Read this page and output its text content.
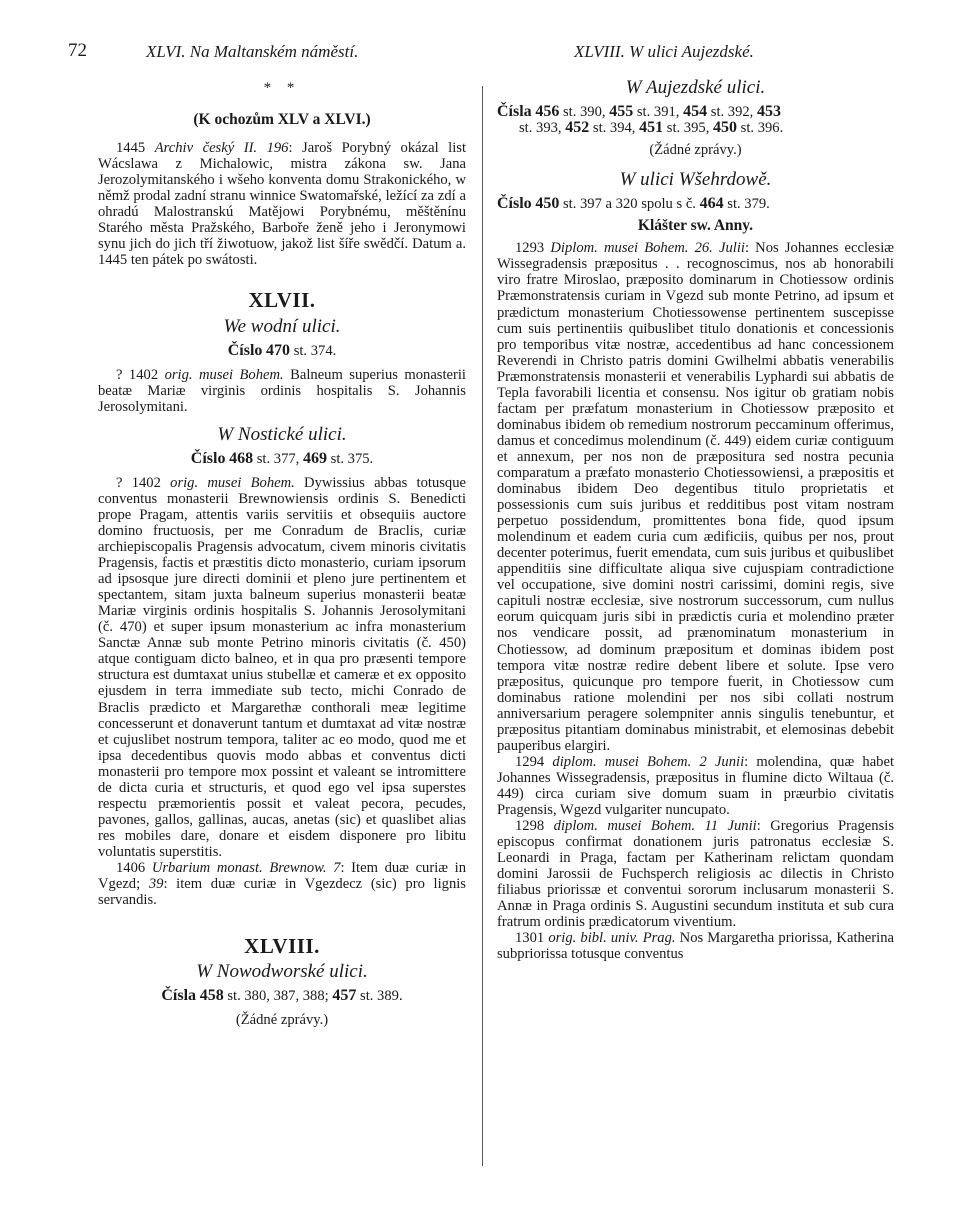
72	XLVI. Na Maltanském náměstí.	XLVIII. W ulici Aujezdské.
* *
(K ochozům XLV a XLVI.)

1445 Archiv český II. 196: Jaroš Porybný okázal list Wácslawa z Michalowic, mistra zákona sw. Jana Jerozolymitanského i wšeho konventa domu Strakonického, w němž prodal zadní stranu winnice Swatomařské, ležící za zdí a ohradú Malostranskú Matějowi Porybnému, měštěnínu Starého města Pražského, Barboře ženě jeho i Jeronymowi synu jich do jich tří žiwotuow, jakož list šíře swědčí. Datum a. 1445 ten pátek po swátosti.

XLVII.
We wodní ulici.
Číslo 470 st. 374.

? 1402 orig. musei Bohem. Balneum superius monasterii beatæ Mariæ virginis ordinis hospitalis S. Johannis Jerosolymitani.

W Nostické ulici.
Číslo 468 st. 377, 469 st. 375.

? 1402 orig. musei Bohem. Dywissius abbas totusque conventus monasterii Brewnowiensis ordinis S. Benedicti prope Pragam, attentis variis servitiis et obsequiis auctore domino fructuosis, per me Conradum de Braclis, curiæ archiepiscopalis Pragensis advocatum, civem minoris civitatis Pragensis, factis et præstitis dicto monasterio, curiam ipsorum ad ipsosque jure directi dominii et pleno jure pertinentem et spectantem, sitam juxta balneum superius monasterii beatæ Mariæ virginis ordinis hospitalis S. Johannis Jerosolymitani (č. 470) et super ipsum monasterium ac infra monasterium Sanctæ Annæ sub monte Petrino minoris civitatis (č. 450) atque contiguam dicto balneo, et in qua pro præsenti tempore structura est dumtaxat unius stubellæ et cameræ et ex opposito ejusdem in terra immediate sub tecto, michi Conrado de Braclis prædicto et Margarethæ conthorali meæ legitime concesserunt et donaverunt tantum et dumtaxat ad vitæ nostræ et cujuslibet nostrum tempora, taliter ac eo modo, quod me et ipsa decedentibus quovis modo abbas et conventus dicti monasterii pro tempore mox possint et valeant se intromittere de dicta curia et structuris, et quod ego vel ipsa superstes respectu præmorientis possit et valeat pecora, pecudes, pavones, gallos, gallinas, aucas, anetas (sic) et quaslibet alias res mobiles dare, donare et eisdem disponere pro libitu voluntatis superstitis.

1406 Urbarium monast. Brewnow. 7: Item duæ curiæ in Vgezd; 39: item duæ curiæ in Vgezdecz (sic) pro lignis servandis.

XLVIII.
W Nowodworské ulici.
Čísla 458 st. 380, 387, 388; 457 st. 389.
(Žádné zprávy.)
W Aujezdské ulici.
Čísla 456 st. 390, 455 st. 391, 454 st. 392, 453
st. 393, 452 st. 394, 451 st. 395, 450 st. 396.
(Žádné zprávy.)
W ulici Wšehrdowě.
Číslo 450 st. 397 a 320 spolu s č. 464 st. 379.
Klášter sw. Anny.

1293 Diplom. musei Bohem. 26. Julii: Nos Johannes ecclesiæ Wissegradensis præpositus . . recognoscimus, nos ab honorabili viro fratre Miroslao, præposito dominarum in Chotiessow ordinis Præmonstratensis curiam in Vgezd sub monte Petrino, ad ipsum et prædictum monasterium Chotiessowense pertinentem suscepisse cum suis pertinentiis quibuslibet titulo donationis et concessionis pro temporibus vitæ nostræ, accedentibus ad hanc concessionem Reverendi in Christo patris domini Gwilhelmi abbatis venerabilis Præmonstratensis monasterii et venerabilis Lyphardi sui abbatis de Tepla favorabili licentia et consensu. Nos igitur ob gratiam nobis factam per præfatum monasterium in Chotiessow præposito et dominabus ibidem ob remedium nostrorum peccaminum offerimus, damus et concedimus molendinum (č. 449) eidem curiæ contiguum et annexum, per nos non de præpositura sed nostra pecunia comparatum a præfato monasterio Chotiessowiensi, a præpositis et dominabus ibidem Deo degentibus titulo proprietatis et possessionis cum suis juribus et redditibus post vitam nostram perpetuo possidendum, promittentes bona fide, quod ipsum molendinum et eadem curia cum ædificiis, quibus per nos, prout decenter poterimus, fuerit emendata, cum suis juribus et quibuslibet appenditiis sine difficultate aliqua sive cujuspiam contradictione vel occupatione, sive domini nostri carissimi, domini regis, sive capituli nostræ ecclesiæ, sive nostrorum successorum, cum nullus eorum quicquam juris sibi in prædictis curia et molendino præter nos vendicare possit, ad prænominatum monasterium in Chotiessow, ad dominum præpositum et dominas ibidem post tempora vitæ nostræ redire debent libere et solute. Ipse vero præpositus, quicunque pro tempore fuerit, in Chotiessow cum dominabus ratione molendini per nos sibi collati nostrum anniversarium peragere solempniter annis singulis tenebuntur, et præpositus pitantiam dominabus ministrabit, et elemosinas debebit pauperibus elargiri.

1294 diplom. musei Bohem. 2 Junii: molendina, quæ habet Johannes Wissegradensis, præpositus in flumine dicto Wiltaua (č. 449) circa curiam sive domum suam in præurbio civitatis Pragensis, Wgezd vulgariter nuncupato.

1298 diplom. musei Bohem. 11 Junii: Gregorius Pragensis episcopus confirmat donationem juris patronatus ecclesiæ S. Leonardi in Praga, factam per Katherinam relictam quondam domini Jarossii de Fuchsperch religiosis ac dilectis in Christo filiabus priorissæ et conventui sororum inclusarum monasterii S. Annæ in Praga ordinis S. Augustini secundum instituta et sub cura fratrum ordinis prædicatorum viventium.

1301 orig. bibl. univ. Prag. Nos Margaretha priorissa, Katherina subpriorissa totusque conventus
